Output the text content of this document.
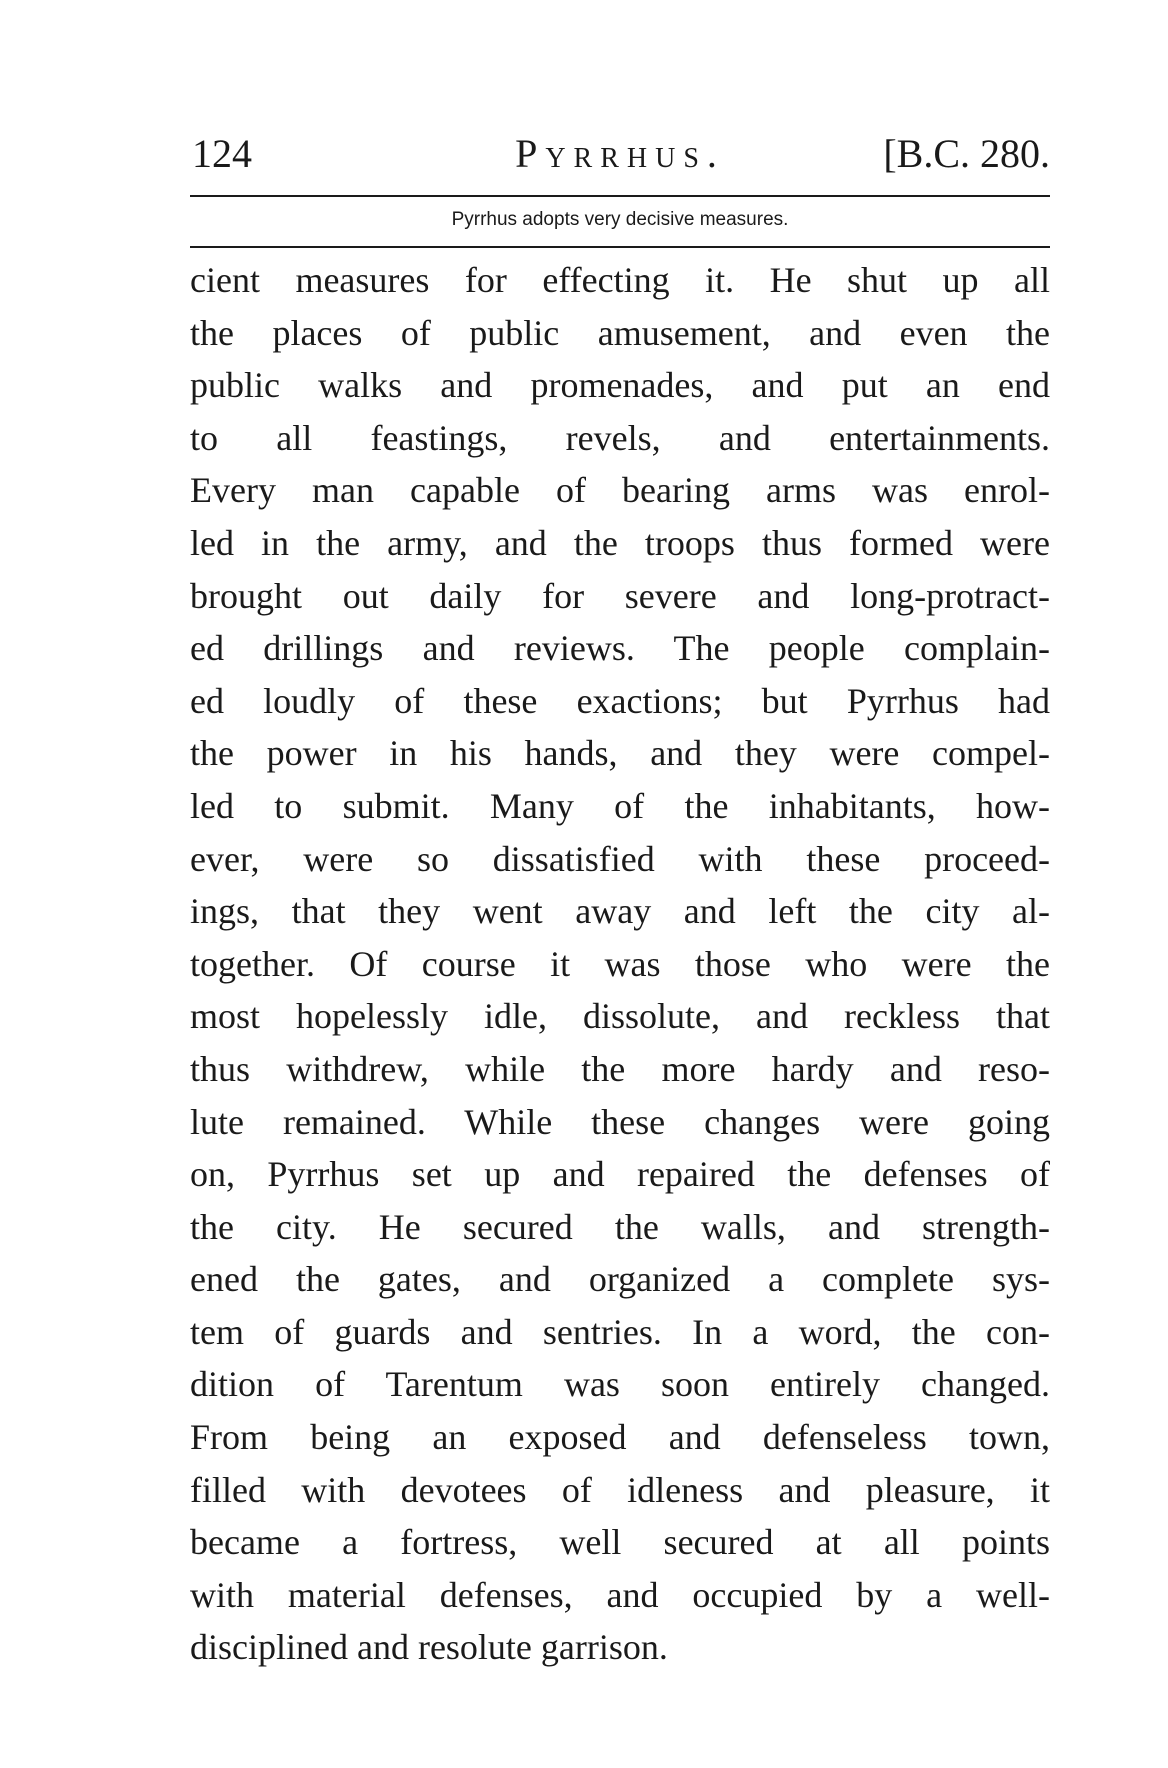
124	Pyrrhus.	[B.C. 280.
Pyrrhus adopts very decisive measures.

cient measures for effecting it. He shut up all
the places of public amusement, and even the
public walks and promenades, and put an end
to all feastings, revels, and entertainments.
Every man capable of bearing arms was enrol-
led in the army, and the troops thus formed were
brought out daily for severe and long-protract-
ed drillings and reviews. The people complain-
ed loudly of these exactions; but Pyrrhus had
the power in his hands, and they were compel-
led to submit. Many of the inhabitants, how-
ever, were so dissatisfied with these proceed-
ings, that they went away and left the city al-
together. Of course it was those who were the
most hopelessly idle, dissolute, and reckless that
thus withdrew, while the more hardy and reso-
lute remained. While these changes were going
on, Pyrrhus set up and repaired the defenses of
the city. He secured the walls, and strength-
ened the gates, and organized a complete sys-
tem of guards and sentries. In a word, the con-
dition of Tarentum was soon entirely changed.
From being an exposed and defenseless town,
filled with devotees of idleness and pleasure, it
became a fortress, well secured at all points
with material defenses, and occupied by a well-
disciplined and resolute garrison.
